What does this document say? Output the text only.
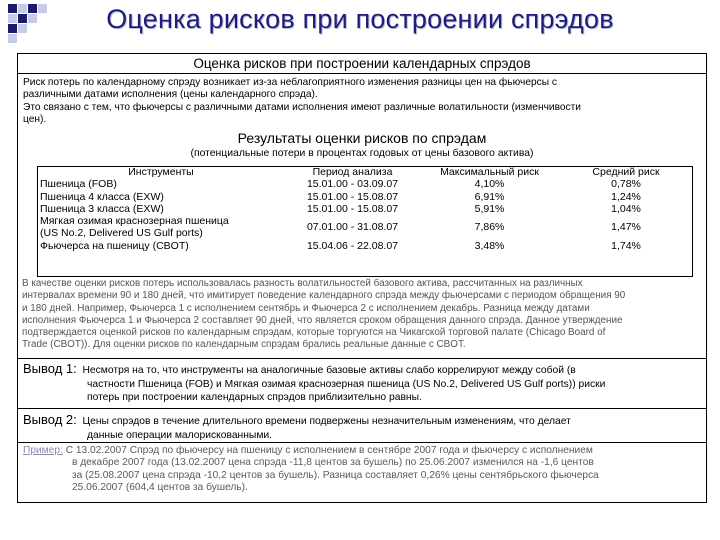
Оценка рисков при построении спрэдов
Оценка рисков при построении календарных спрэдов

Риск потерь по календарному спрэду возникает из-за неблагоприятного изменения разницы цен на фьючерсы с

различными датами исполнения (цены календарного спрэда).

Это связано с тем, что фьючерсы с различными датами исполнения имеют различные волатильности (изменчивости

цен).

Результаты оценки рисков по спрэдам
(потенциальные потери в процентах годовых от цены базового актива)
Инструменты	Период анализа	Максимальный риск	Средний риск
Пшеница (FOB)	15.01.00 - 03.09.07	4,10%	0,78%
Пшеница 4 класса (EXW)	15.01.00 - 15.08.07	6,91%	1,24%
Пшеница 3 класса (EXW)	15.01.00 - 15.08.07	5,91%	1,04%

Мягкая озимая краснозерная пшеница
(US No.2, Delivered US Gulf ports)	07.01.00 - 31.08.07	7,86%	1,47%
Фьючерса на пшеницу (CBOT)	15.04.06 - 22.08.07	3,48%	1,74%
В качестве оценки рисков потерь использовалась разность волатильностей базового актива, рассчитанных на различных
интервалах времени 90 и 180 дней, что имитирует поведение календарного спрэда между фьючерсами с периодом обращения 90
и 180 дней. Например, Фьючерса 1 с исполнением сентябрь и Фьючерса 2 с исполнением декабрь. Разница между датами
исполнения Фьючерса 1 и Фьючерса 2 составляет 90 дней, что является сроком обращения данного спрэда. Данное утверждение
подтверждается оценкой рисков по календарным спрэдам, которые торгуются на Чикагской торговой палате (Chicago Board of
Trade (CBOT)). Для оценки рисков по календарным спрэдам брались реальные данные с CBOT.
Вывод 1: Несмотря на то, что инструменты на аналогичные базовые активы слабо коррелируют между собой (в
частности Пшеница (FOB) и Мягкая озимая краснозерная пшеница (US No.2, Delivered US Gulf ports)) риски
потерь при построении календарных спрэдов приблизительно равны.
Вывод 2: Цены спрэдов в течение длительного времени подвержены незначительным изменениям, что делает
данные операции малорискованными.
Пример: С 13.02.2007 Спрэд по фьючерсу на пшеницу с исполнением в сентябре 2007 года и фьючерсу с исполнением
в декабре 2007 года (13.02.2007 цена спрэда -11,8 центов за бушель) по 25.06.2007 изменился на -1,6 центов
за (25.08.2007 цена спрэда -10,2 центов за бушель). Разница составляет 0,26% цены сентябрьского фьючерса
25.06.2007 (604,4 центов за бушель).
